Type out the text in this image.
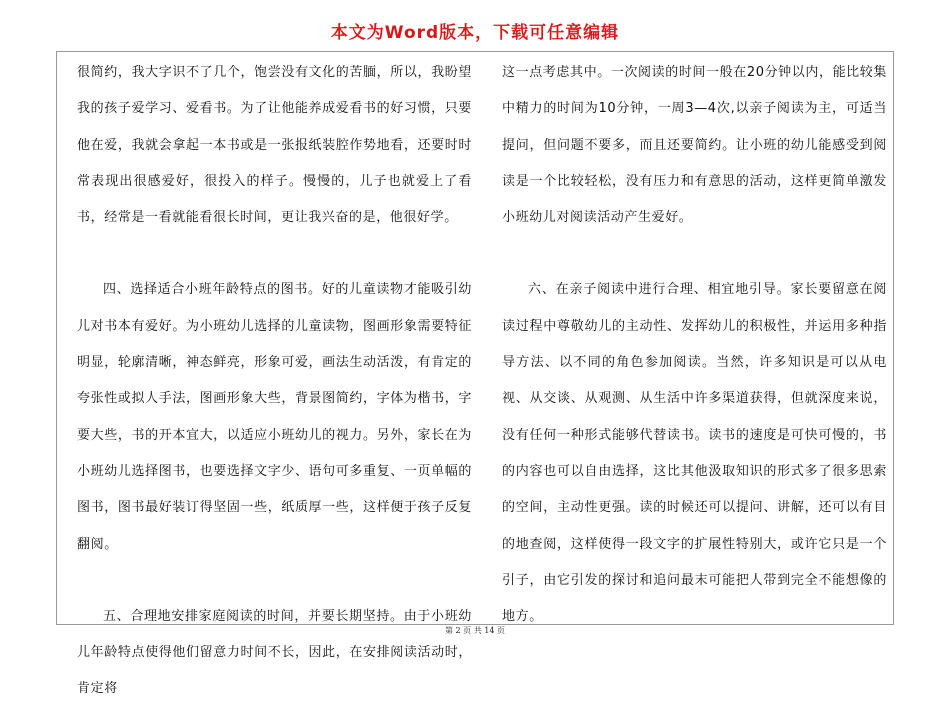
本文为Word版本，下载可任意编辑

很简约，我大字识不了几个，饱尝没有文化的苦腼，所以，我盼望我的孩子爱学习、爱看书。为了让他能养成爱看书的好习惯，只要他在爱，我就会拿起一本书或是一张报纸装腔作势地看，还要时时常表现出很感爱好，很投入的样子。慢慢的，儿子也就爱上了看书，经常是一看就能看很长时间，更让我兴奋的是，他很好学。

四、选择适合小班年龄特点的图书。好的儿童读物才能吸引幼儿对书本有爱好。为小班幼儿选择的儿童读物，图画形象需要特征明显，轮廓清晰，神态鲜亮，形象可爱，画法生动活泼，有肯定的夸张性或拟人手法，图画形象大些，背景图简约，字体为楷书，字要大些，书的开本宜大，以适应小班幼儿的视力。另外，家长在为小班幼儿选择图书，也要选择文字少、语句可多重复、一页单幅的图书，图书最好装订得坚固一些，纸质厚一些，这样便于孩子反复翻阅。

五、合理地安排家庭阅读的时间，并要长期坚持。由于小班幼儿年龄特点使得他们留意力时间不长，因此，在安排阅读活动时，肯定将

这一点考虑其中。一次阅读的时间一般在20分钟以内，能比较集中精力的时间为10分钟，一周3—4次,以亲子阅读为主，可适当提问，但问题不要多，而且还要简约。让小班的幼儿能感受到阅读是一个比较轻松，没有压力和有意思的活动，这样更简单激发小班幼儿对阅读活动产生爱好。

六、在亲子阅读中进行合理、相宜地引导。家长要留意在阅读过程中尊敬幼儿的主动性、发挥幼儿的积极性，并运用多种指导方法、以不同的角色参加阅读。当然，许多知识是可以从电视、从交谈、从观测、从生活中许多渠道获得，但就深度来说，没有任何一种形式能够代替读书。读书的速度是可快可慢的，书的内容也可以自由选择，这比其他汲取知识的形式多了很多思索的空间，主动性更强。读的时候还可以提问、讲解，还可以有目的地查阅，这样使得一段文字的扩展性特别大，或许它只是一个引子，由它引发的探讨和追问最末可能把人带到完全不能想像的地方。

第 2 页 共 14 页
